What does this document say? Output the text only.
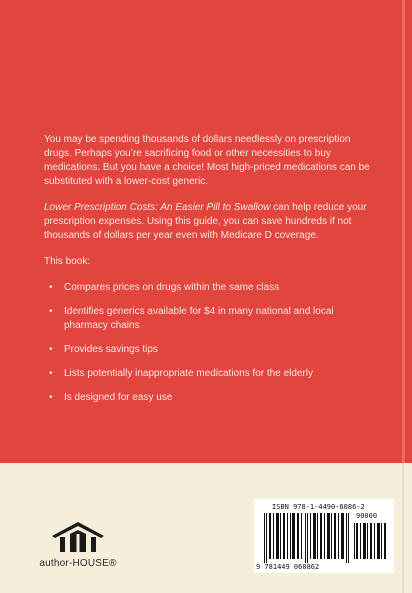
You may be spending thousands of dollars needlessly on prescription drugs. Perhaps you’re sacrificing food or other necessities to buy medications. But you have a choice! Most high-priced medications can be substituted with a lower-cost generic.

Lower Prescription Costs: An Easier Pill to Swallow can help reduce your prescription expenses. Using this guide, you can save hundreds if not thousands of dollars per year even with Medicare D coverage.

This book:

• Compares prices on drugs within the same class
• Identifies generics available for $4 in many national and local pharmacy chains
• Provides savings tips
• Lists potentially inappropriate medications for the elderly
• Is designed for easy use
author‑HOUSE®
ISBN 978-1-4490-6086-2
90000
9 781449 060862
